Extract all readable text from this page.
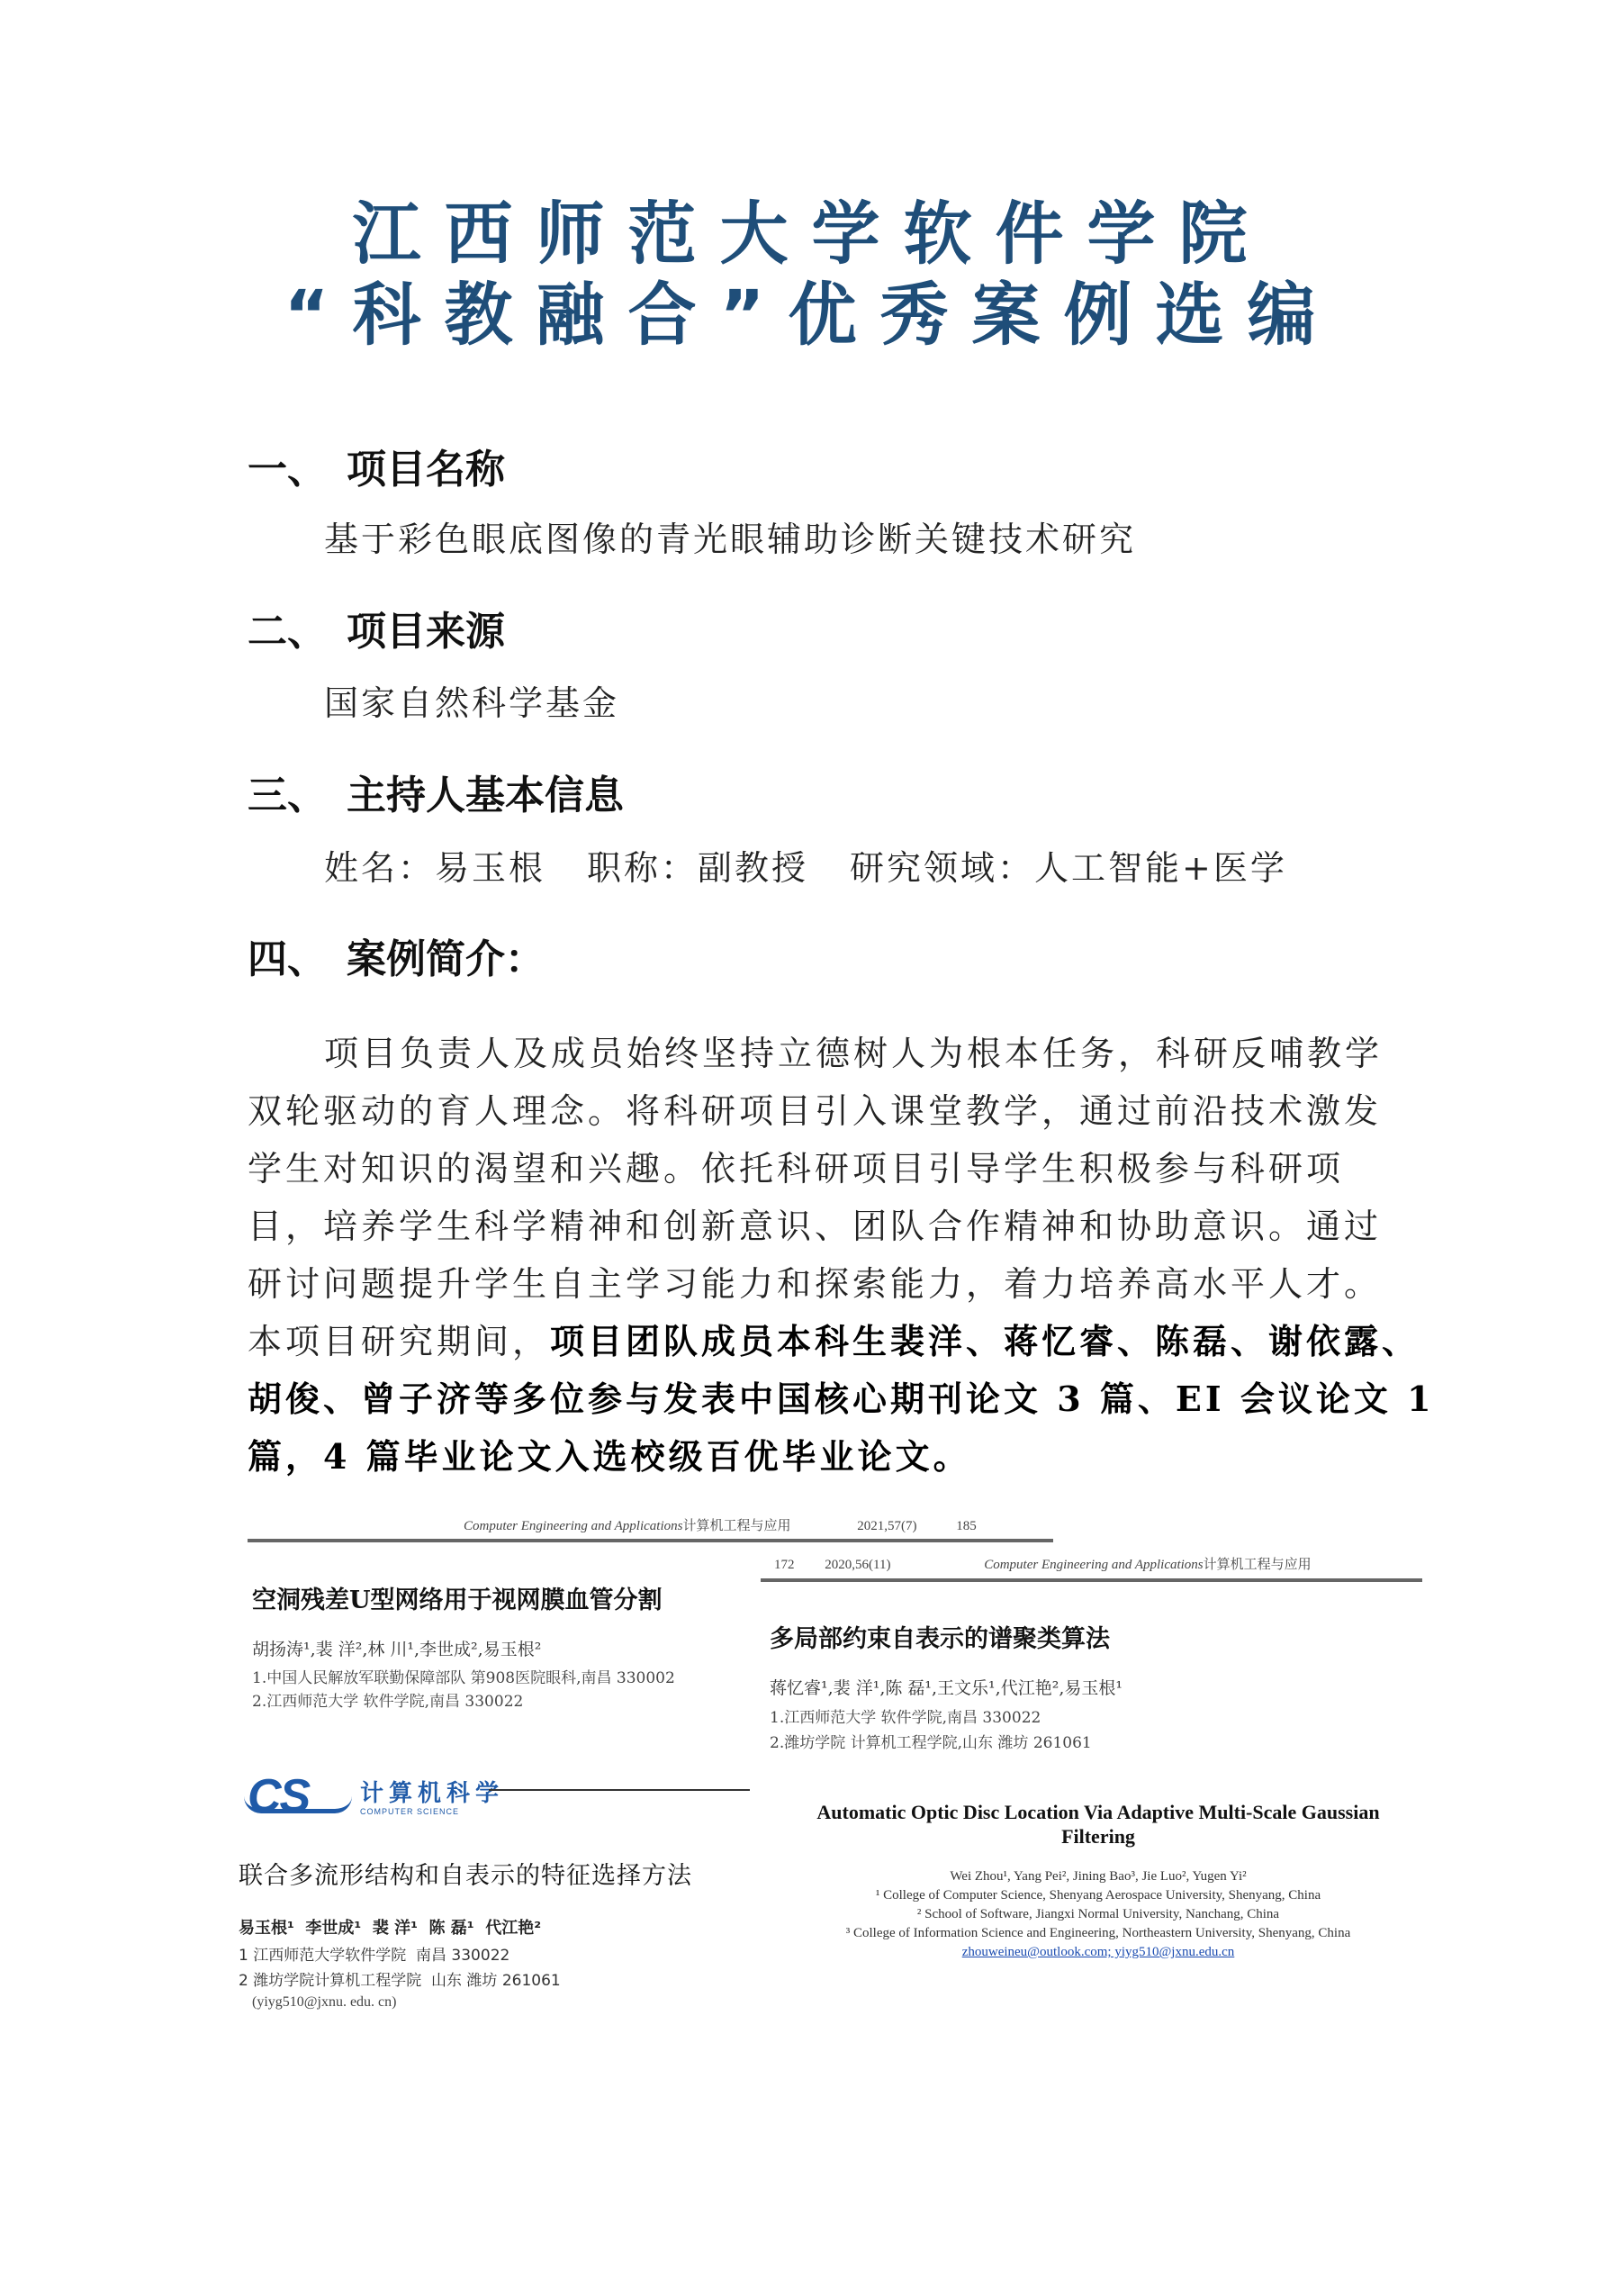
江西师范大学软件学院
“科教融合”优秀案例选编
一、 项目名称
基于彩色眼底图像的青光眼辅助诊断关键技术研究
二、 项目来源
国家自然科学基金
三、 主持人基本信息
姓名：易玉根 职称：副教授 研究领域：人工智能+医学
四、 案例简介：
项目负责人及成员始终坚持立德树人为根本任务，科研反哺教学
双轮驱动的育人理念。将科研项目引入课堂教学，通过前沿技术激发
学生对知识的渴望和兴趣。依托科研项目引导学生积极参与科研项
目，培养学生科学精神和创新意识、团队合作精神和协助意识。通过
研讨问题提升学生自主学习能力和探索能力，着力培养高水平人才。
本项目研究期间，项目团队成员本科生裴洋、蒋忆睿、陈磊、谢依露、
胡俊、曾子济等多位参与发表中国核心期刊论文 3 篇、EI 会议论文 1
篇，4 篇毕业论文入选校级百优毕业论文。
Computer Engineering and Applications计算机工程与应用	2021,57(7)	185
空洞残差U型网络用于视网膜血管分割
胡扬涛¹,裴 洋²,林 川¹,李世成²,易玉根²
1.中国人民解放军联勤保障部队 第908医院眼科,南昌 330002
2.江西师范大学 软件学院,南昌 330022
172 2020,56(11)	Computer Engineering and Applications计算机工程与应用
多局部约束自表示的谱聚类算法
蒋忆睿¹,裴 洋¹,陈 磊¹,王文乐¹,代江艳²,易玉根¹
1.江西师范大学 软件学院,南昌 330022
2.潍坊学院 计算机工程学院,山东 潍坊 261061
CS 计算机科学
COMPUTER SCIENCE
联合多流形结构和自表示的特征选择方法
易玉根¹  李世成¹  裴 洋¹  陈 磊¹  代江艳²
1 江西师范大学软件学院  南昌 330022
2 潍坊学院计算机工程学院  山东 潍坊 261061
(yiyg510@jxnu. edu. cn)
Automatic Optic Disc Location Via Adaptive Multi-Scale Gaussian
Filtering
Wei Zhou¹, Yang Pei², Jining Bao³, Jie Luo², Yugen Yi²
¹ College of Computer Science, Shenyang Aerospace University, Shenyang, China
² School of Software, Jiangxi Normal University, Nanchang, China
³ College of Information Science and Engineering, Northeastern University, Shenyang, China
zhouweineu@outlook.com; yiyg510@jxnu.edu.cn
